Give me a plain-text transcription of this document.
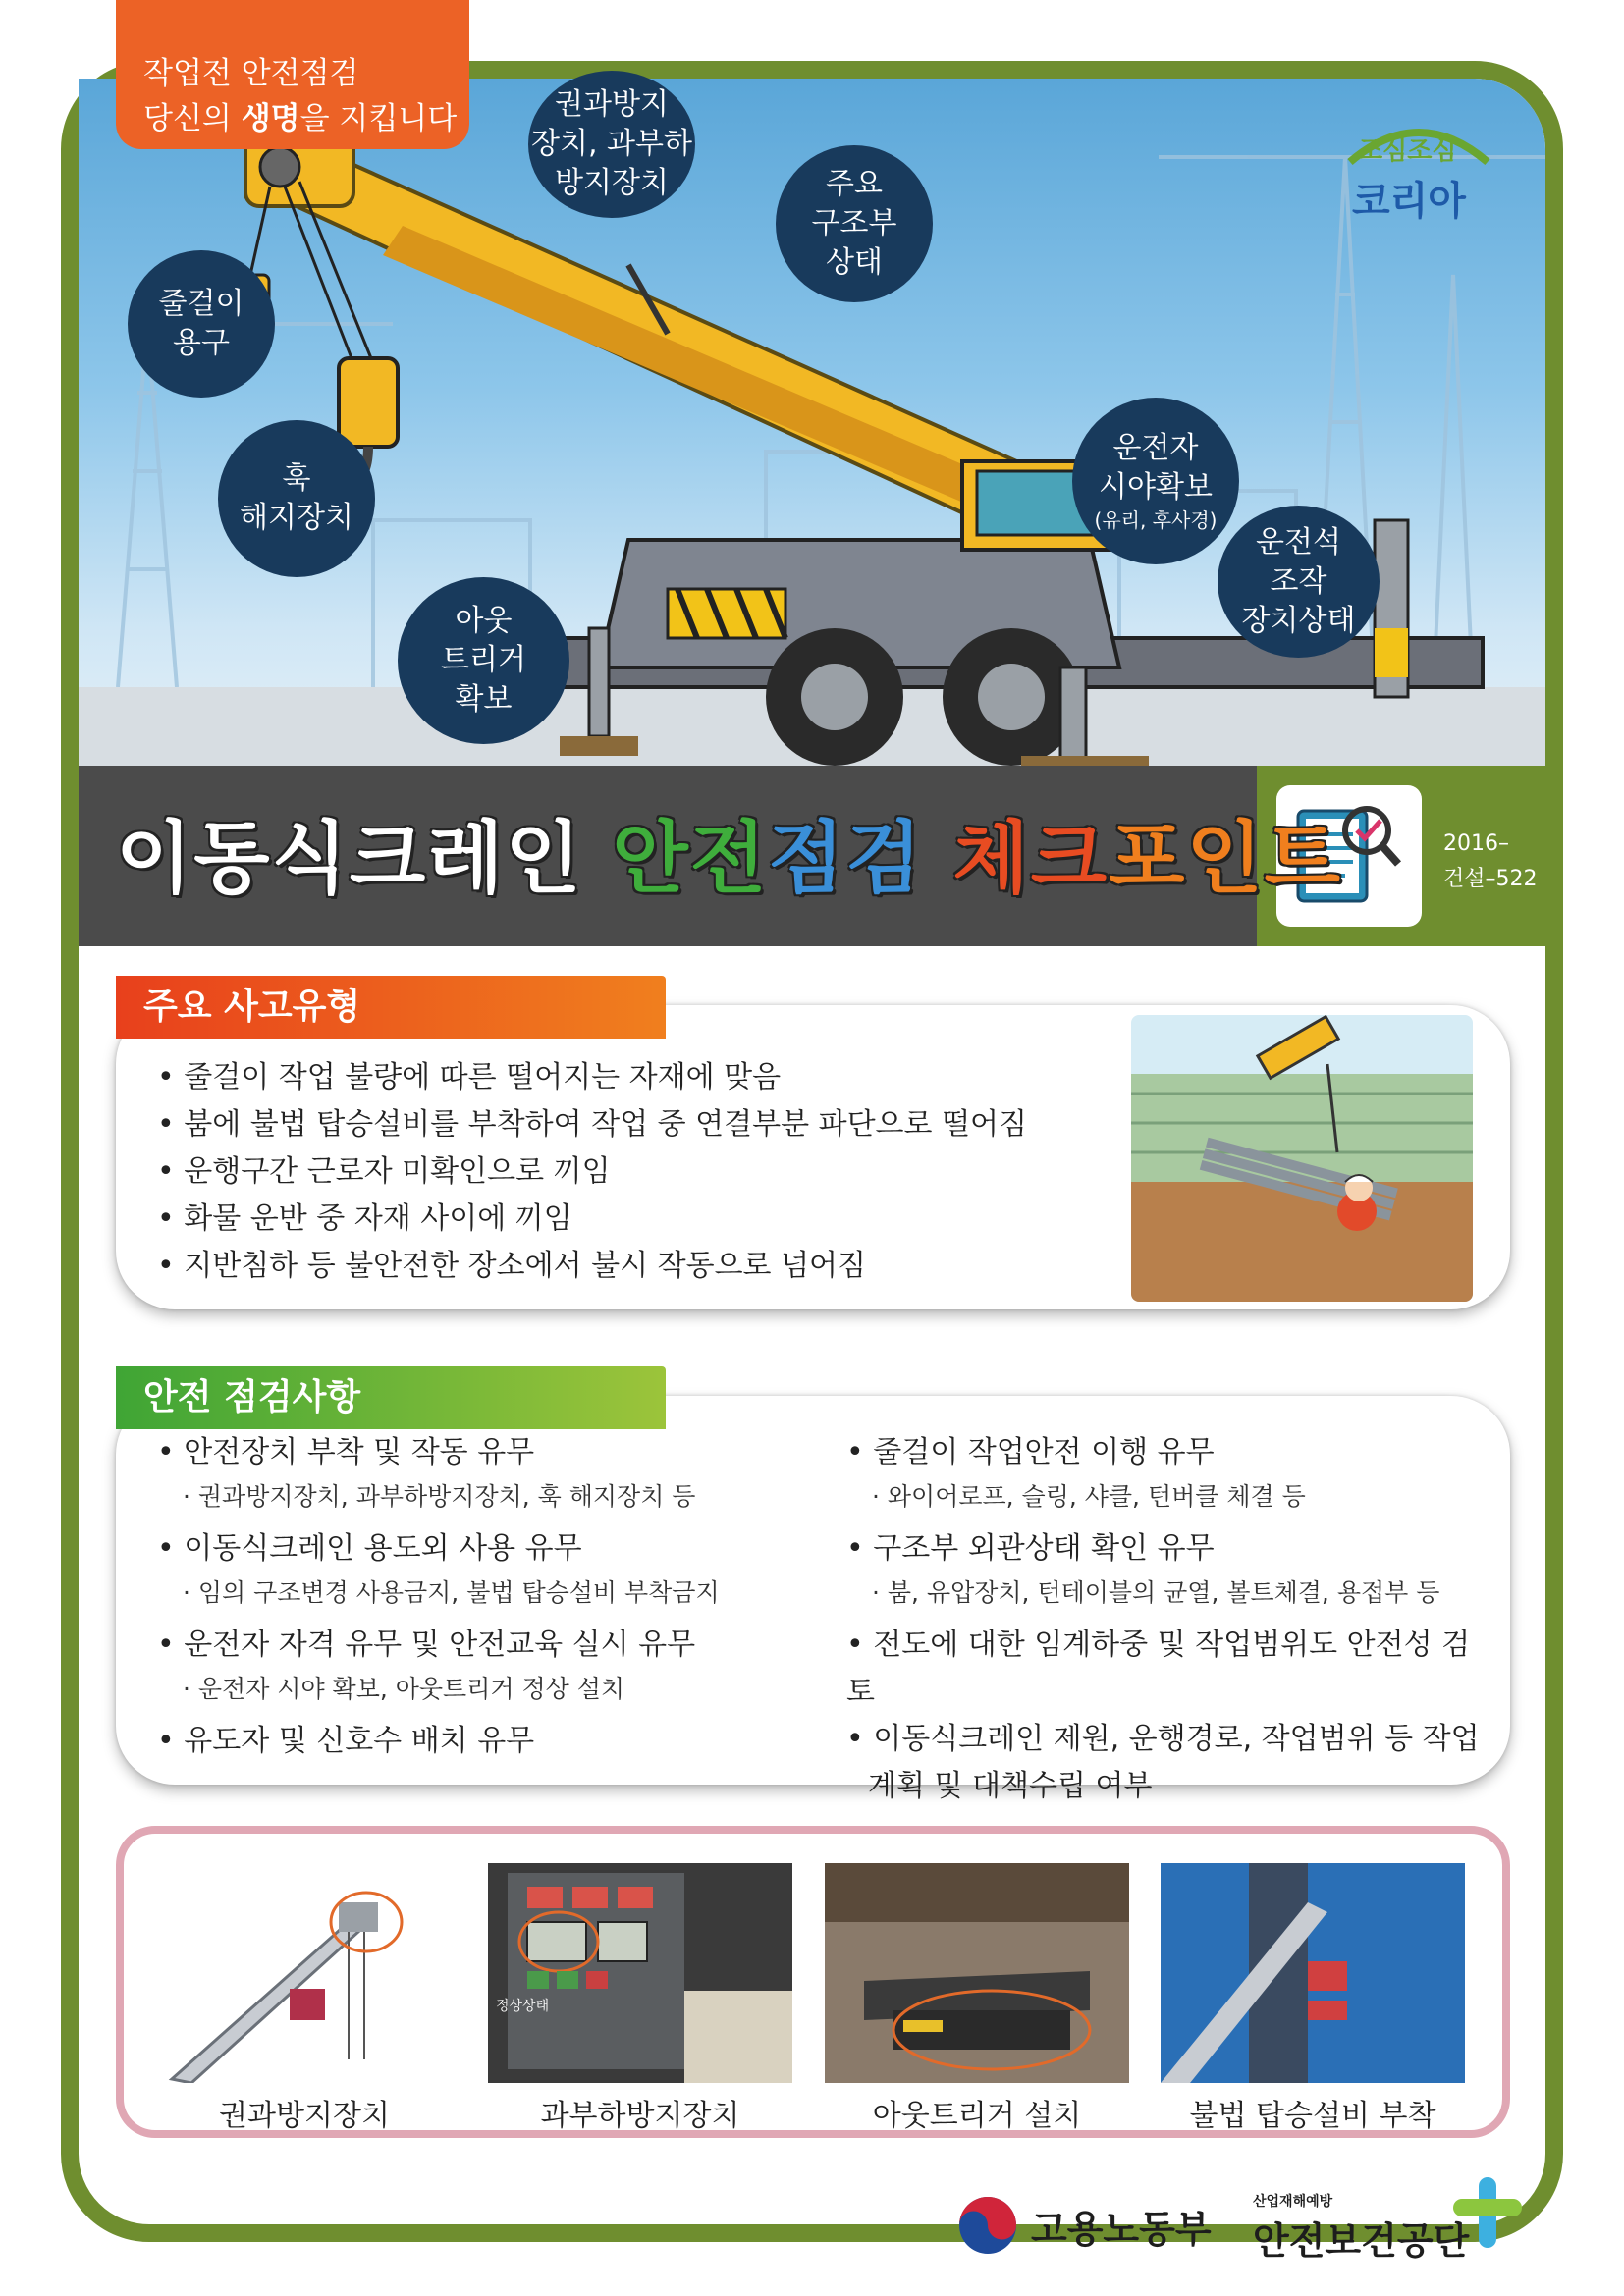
작업전 안전점검
당신의 생명을 지킵니다
조심조심
코리아
권과방지
장치, 과부하
방지장치	주요
구조부
상태
줄걸이
용구
훅
해지장치
운전자
시야확보
(유리, 후사경)
운전석
조작
장치상태
아웃
트리거
확보
이동식크레인 안전점검 체크포인트	2016–
건설–522
주요 사고유형
• 줄걸이 작업 불량에 따른 떨어지는 자재에 맞음
• 붐에 불법 탑승설비를 부착하여 작업 중 연결부분 파단으로 떨어짐
• 운행구간 근로자 미확인으로 끼임
• 화물 운반 중 자재 사이에 끼임
• 지반침하 등 불안전한 장소에서 불시 작동으로 넘어짐
안전 점검사항
• 안전장치 부착 및 작동 유무
· 권과방지장치, 과부하방지장치, 훅 해지장치 등
• 이동식크레인 용도외 사용 유무
· 임의 구조변경 사용금지, 불법 탑승설비 부착금지
• 운전자 자격 유무 및 안전교육 실시 유무
· 운전자 시야 확보, 아웃트리거 정상 설치
• 유도자 및 신호수 배치 유무
• 줄걸이 작업안전 이행 유무
· 와이어로프, 슬링, 샤클, 턴버클 체결 등
• 구조부 외관상태 확인 유무
· 붐, 유압장치, 턴테이블의 균열, 볼트체결, 용접부 등
• 전도에 대한 임계하중 및 작업범위도 안전성 검토
• 이동식크레인 제원, 운행경로, 작업범위 등 작업
계획 및 대책수립 여부
정상상태
권과방지장치	과부하방지장치	아웃트리거 설치	불법 탑승설비 부착
고용노동부
산업재해예방
안전보건공단
